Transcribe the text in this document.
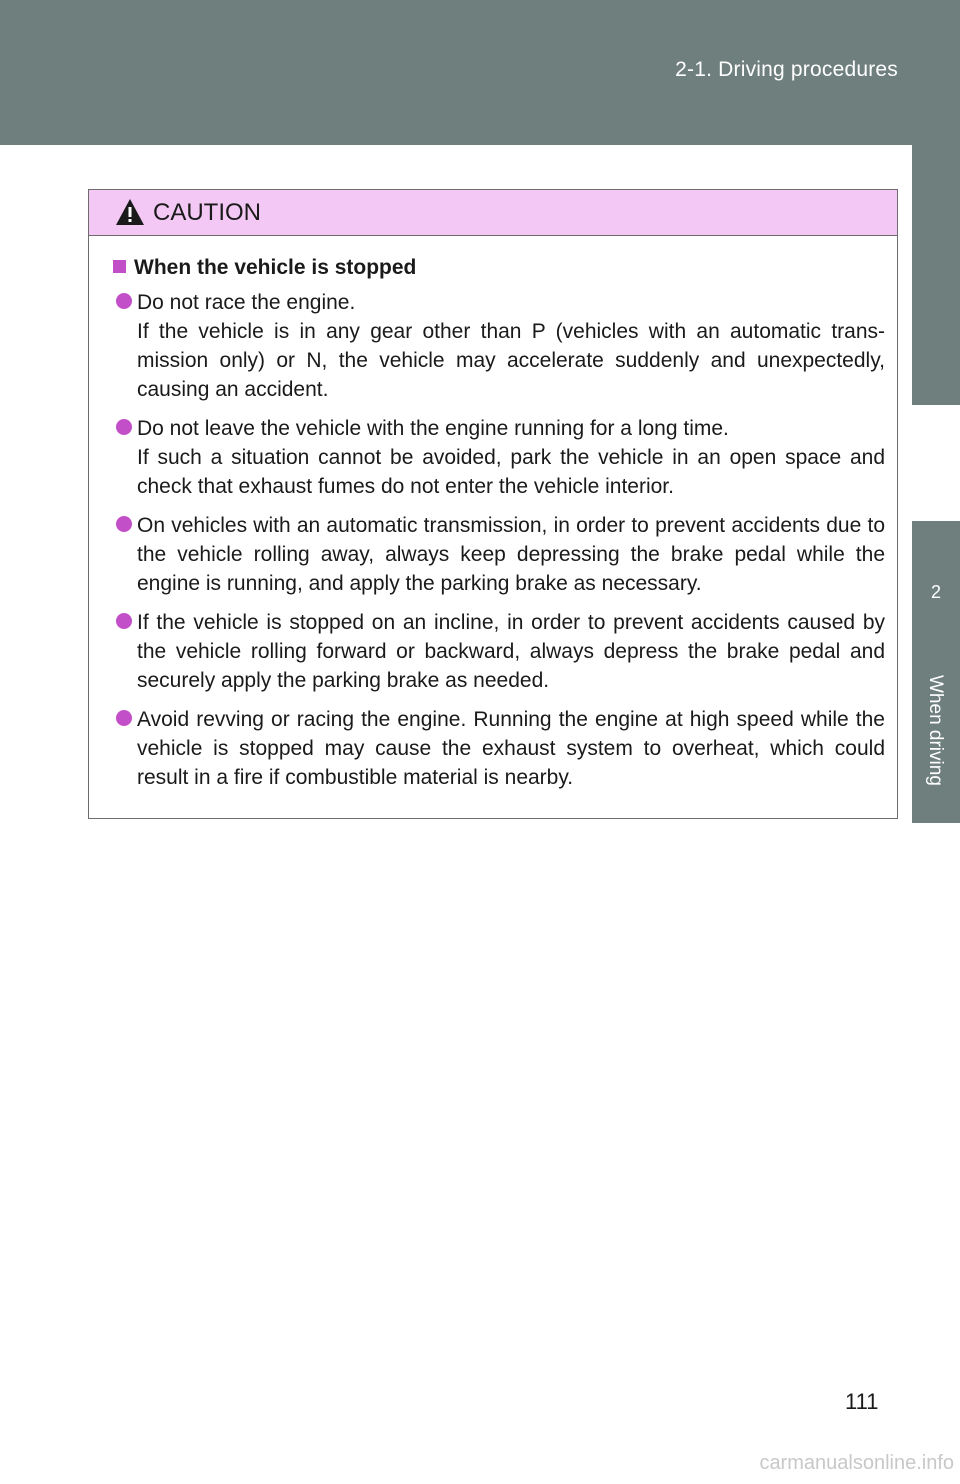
2-1. Driving procedures
2
When driving
CAUTION
When the vehicle is stopped

Do not race the engine.

If the vehicle is in any gear other than P (vehicles with an automatic trans-mission only) or N, the vehicle may accelerate suddenly and unexpectedly, causing an accident.

Do not leave the vehicle with the engine running for a long time.

If such a situation cannot be avoided, park the vehicle in an open space and check that exhaust fumes do not enter the vehicle interior.

On vehicles with an automatic transmission, in order to prevent accidents due to the vehicle rolling away, always keep depressing the brake pedal while the engine is running, and apply the parking brake as necessary.

If the vehicle is stopped on an incline, in order to prevent accidents caused by the vehicle rolling forward or backward, always depress the brake pedal and securely apply the parking brake as needed.

Avoid revving or racing the engine. Running the engine at high speed while the vehicle is stopped may cause the exhaust system to overheat, which could result in a fire if combustible material is nearby.

111
carmanualsonline.info
